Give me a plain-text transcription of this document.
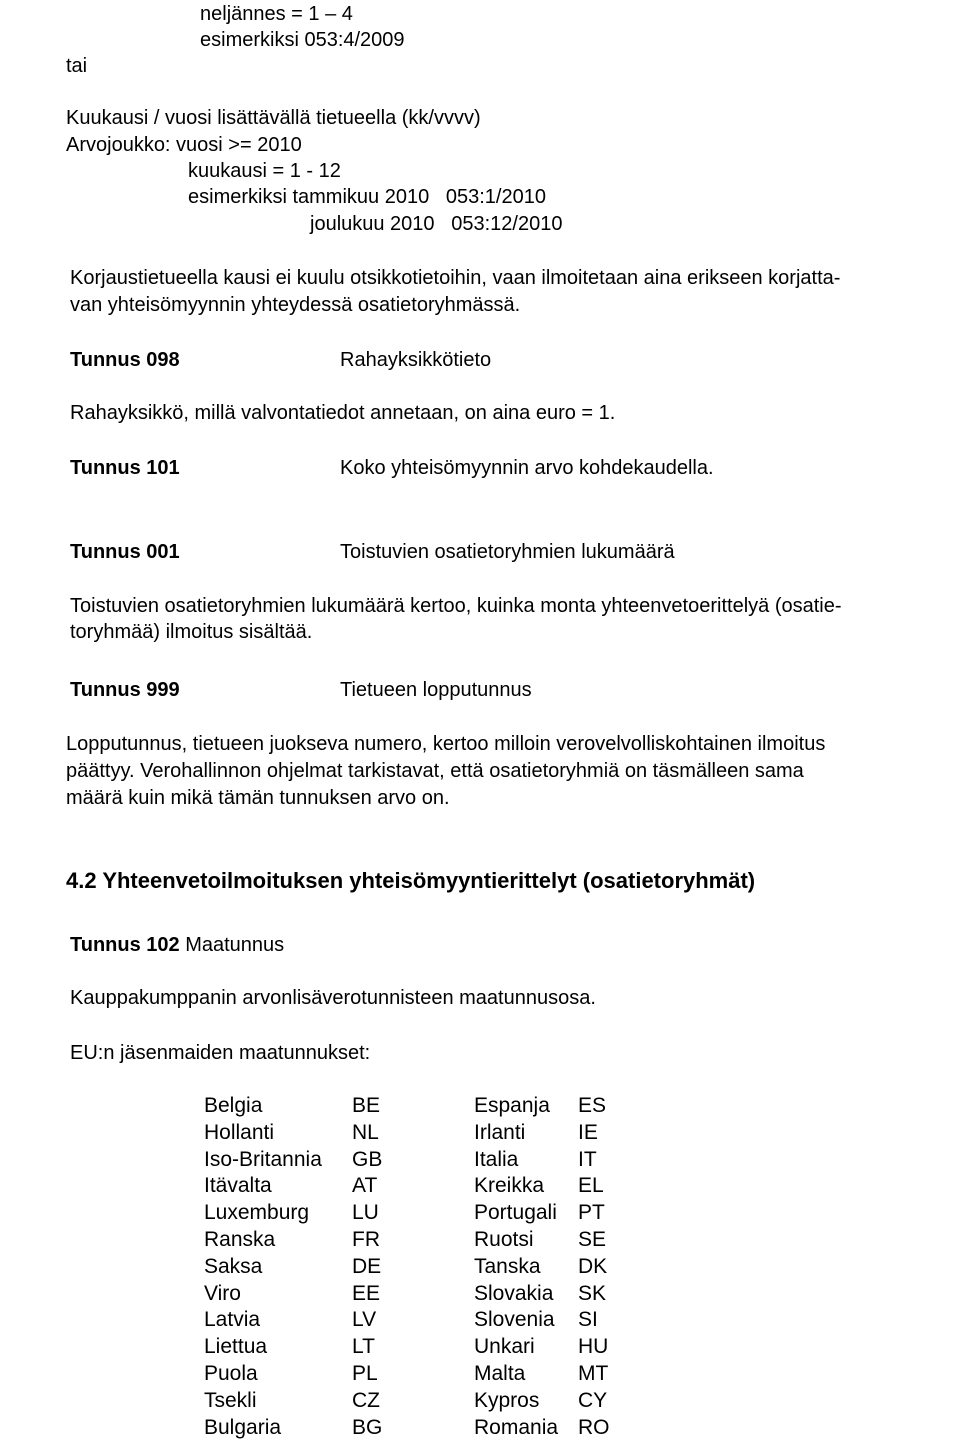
neljännes = 1 – 4
esimerkiksi 053:4/2009
tai
Kuukausi / vuosi lisättävällä tietueella (kk/vvvv)
Arvojoukko: vuosi >= 2010
kuukausi = 1 - 12
esimerkiksi tammikuu 2010   053:1/2010
joulukuu 2010   053:12/2010
Korjaustietueella kausi ei kuulu otsikkotietoihin, vaan ilmoitetaan aina erikseen korjatta-
van yhteisömyynnin yhteydessä osatietoryhmässä.
Tunnus 098	Rahayksikkötieto
Rahayksikkö, millä valvontatiedot annetaan, on aina euro = 1.
Tunnus 101	Koko yhteisömyynnin arvo kohdekaudella.
Tunnus 001	Toistuvien osatietoryhmien lukumäärä
Toistuvien osatietoryhmien lukumäärä kertoo, kuinka monta yhteenvetoerittelyä (osatie-
toryhmää) ilmoitus sisältää.
Tunnus 999	Tietueen lopputunnus
Lopputunnus, tietueen juokseva numero, kertoo milloin verovelvolliskohtainen ilmoitus
päättyy. Verohallinnon ohjelmat tarkistavat, että osatietoryhmiä on täsmälleen sama
määrä kuin mikä tämän tunnuksen arvo on.
4.2 Yhteenvetoilmoituksen yhteisömyyntierittelyt (osatietoryhmät)
Tunnus 102 Maatunnus
Kauppakumppanin arvonlisäverotunnisteen maatunnusosa.
EU:n jäsenmaiden maatunnukset:
Belgia	BE	Espanja ES
Hollanti	NL	Irlanti	IE
Iso-Britannia GB	Italia	IT
Itävalta	AT	Kreikka EL
Luxemburg LU	Portugali PT
Ranska	FR	Ruotsi SE
Saksa	DE	Tanska DK
Viro	EE	Slovakia SK
Latvia	LV	Slovenia SI
Liettua	LT	Unkari HU
Puola	PL	Malta	MT
Tsekli	CZ	Kypros CY
Bulgaria	BG	Romania RO
